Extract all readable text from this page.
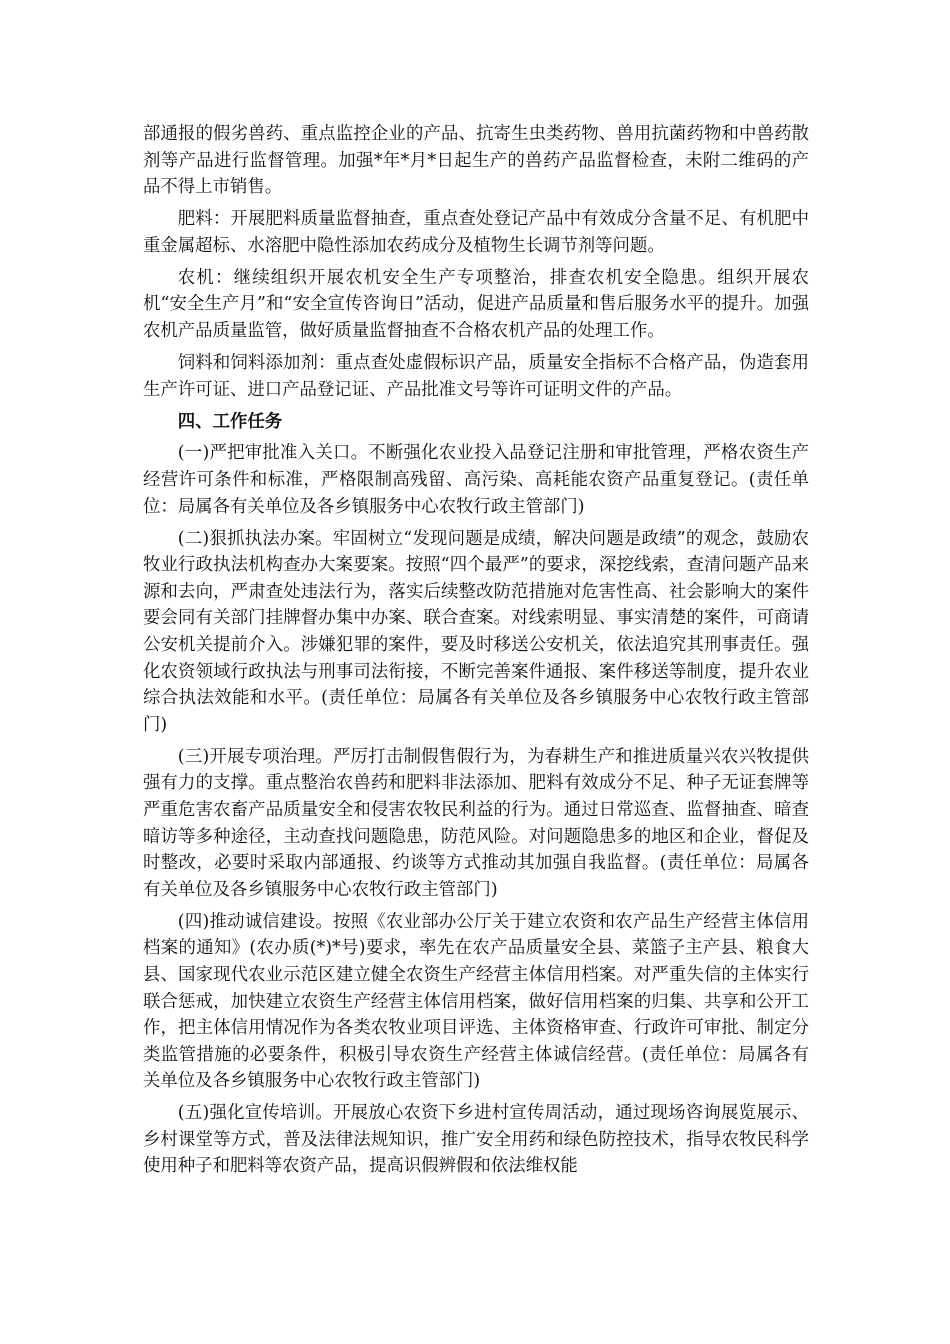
部通报的假劣兽药、重点监控企业的产品、抗寄生虫类药物、兽用抗菌药物和中兽药散剂等产品进行监督管理。加强*年*月*日起生产的兽药产品监督检查，未附二维码的产品不得上市销售。

肥料：开展肥料质量监督抽查，重点查处登记产品中有效成分含量不足、有机肥中重金属超标、水溶肥中隐性添加农药成分及植物生长调节剂等问题。

农机：继续组织开展农机安全生产专项整治，排查农机安全隐患。组织开展农机“安全生产月”和“安全宣传咨询日”活动，促进产品质量和售后服务水平的提升。加强农机产品质量监管，做好质量监督抽查不合格农机产品的处理工作。

饲料和饲料添加剂：重点查处虚假标识产品，质量安全指标不合格产品，伪造套用生产许可证、进口产品登记证、产品批准文号等许可证明文件的产品。

四、工作任务

(一)严把审批准入关口。不断强化农业投入品登记注册和审批管理，严格农资生产经营许可条件和标准，严格限制高残留、高污染、高耗能农资产品重复登记。(责任单位：局属各有关单位及各乡镇服务中心农牧行政主管部门)

(二)狠抓执法办案。牢固树立“发现问题是成绩，解决问题是政绩”的观念，鼓励农牧业行政执法机构查办大案要案。按照“四个最严”的要求，深挖线索，查清问题产品来源和去向，严肃查处违法行为，落实后续整改防范措施对危害性高、社会影响大的案件要会同有关部门挂牌督办集中办案、联合查案。对线索明显、事实清楚的案件，可商请公安机关提前介入。涉嫌犯罪的案件，要及时移送公安机关，依法追究其刑事责任。强化农资领域行政执法与刑事司法衔接，不断完善案件通报、案件移送等制度，提升农业综合执法效能和水平。(责任单位：局属各有关单位及各乡镇服务中心农牧行政主管部门)

(三)开展专项治理。严厉打击制假售假行为，为春耕生产和推进质量兴农兴牧提供强有力的支撑。重点整治农兽药和肥料非法添加、肥料有效成分不足、种子无证套牌等严重危害农畜产品质量安全和侵害农牧民利益的行为。通过日常巡查、监督抽查、暗查暗访等多种途径，主动查找问题隐患，防范风险。对问题隐患多的地区和企业，督促及时整改，必要时采取内部通报、约谈等方式推动其加强自我监督。(责任单位：局属各有关单位及各乡镇服务中心农牧行政主管部门)

(四)推动诚信建设。按照《农业部办公厅关于建立农资和农产品生产经营主体信用档案的通知》(农办质(*)*号)要求，率先在农产品质量安全县、菜篮子主产县、粮食大县、国家现代农业示范区建立健全农资生产经营主体信用档案。对严重失信的主体实行联合惩戒，加快建立农资生产经营主体信用档案，做好信用档案的归集、共享和公开工作，把主体信用情况作为各类农牧业项目评选、主体资格审查、行政许可审批、制定分类监管措施的必要条件，积极引导农资生产经营主体诚信经营。(责任单位：局属各有关单位及各乡镇服务中心农牧行政主管部门)

(五)强化宣传培训。开展放心农资下乡进村宣传周活动，通过现场咨询展览展示、乡村课堂等方式，普及法律法规知识，推广安全用药和绿色防控技术，指导农牧民科学使用种子和肥料等农资产品，提高识假辨假和依法维权能
